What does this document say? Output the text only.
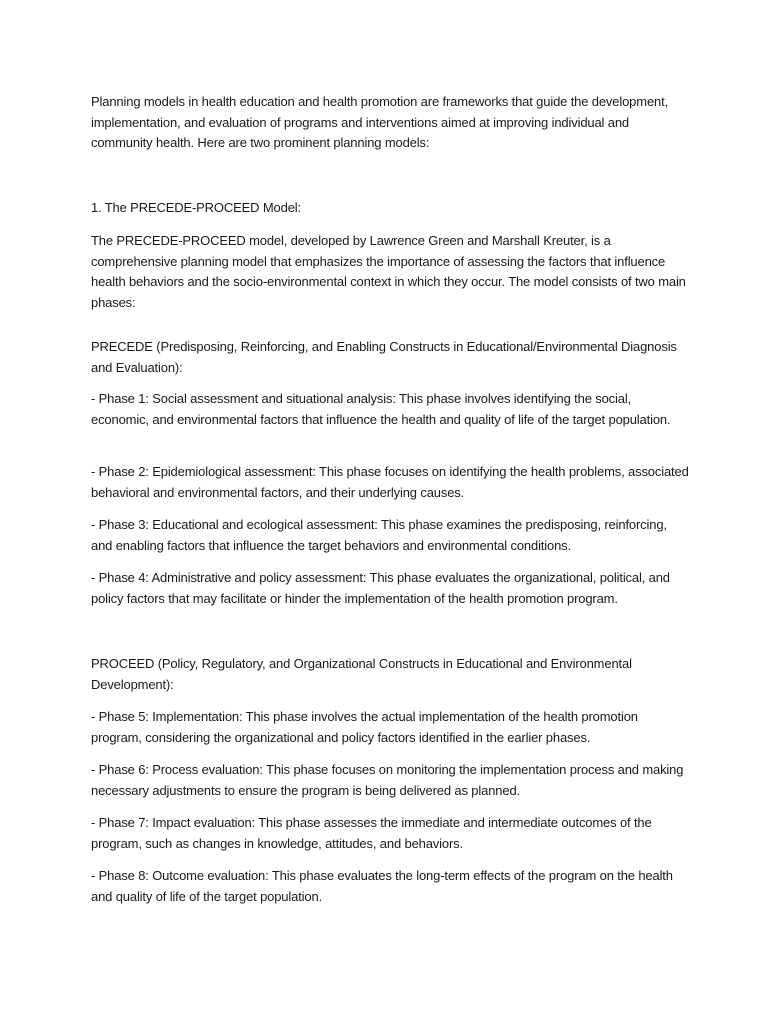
Planning models in health education and health promotion are frameworks that guide the development, implementation, and evaluation of programs and interventions aimed at improving individual and community health. Here are two prominent planning models:

1. The PRECEDE-PROCEED Model:

The PRECEDE-PROCEED model, developed by Lawrence Green and Marshall Kreuter, is a comprehensive planning model that emphasizes the importance of assessing the factors that influence health behaviors and the socio-environmental context in which they occur. The model consists of two main phases:

PRECEDE (Predisposing, Reinforcing, and Enabling Constructs in Educational/Environmental Diagnosis and Evaluation):

- Phase 1: Social assessment and situational analysis: This phase involves identifying the social, economic, and environmental factors that influence the health and quality of life of the target population.

- Phase 2: Epidemiological assessment: This phase focuses on identifying the health problems, associated behavioral and environmental factors, and their underlying causes.

- Phase 3: Educational and ecological assessment: This phase examines the predisposing, reinforcing, and enabling factors that influence the target behaviors and environmental conditions.

- Phase 4: Administrative and policy assessment: This phase evaluates the organizational, political, and policy factors that may facilitate or hinder the implementation of the health promotion program.

PROCEED (Policy, Regulatory, and Organizational Constructs in Educational and Environmental Development):

- Phase 5: Implementation: This phase involves the actual implementation of the health promotion program, considering the organizational and policy factors identified in the earlier phases.

- Phase 6: Process evaluation: This phase focuses on monitoring the implementation process and making necessary adjustments to ensure the program is being delivered as planned.

- Phase 7: Impact evaluation: This phase assesses the immediate and intermediate outcomes of the program, such as changes in knowledge, attitudes, and behaviors.

- Phase 8: Outcome evaluation: This phase evaluates the long-term effects of the program on the health and quality of life of the target population.
